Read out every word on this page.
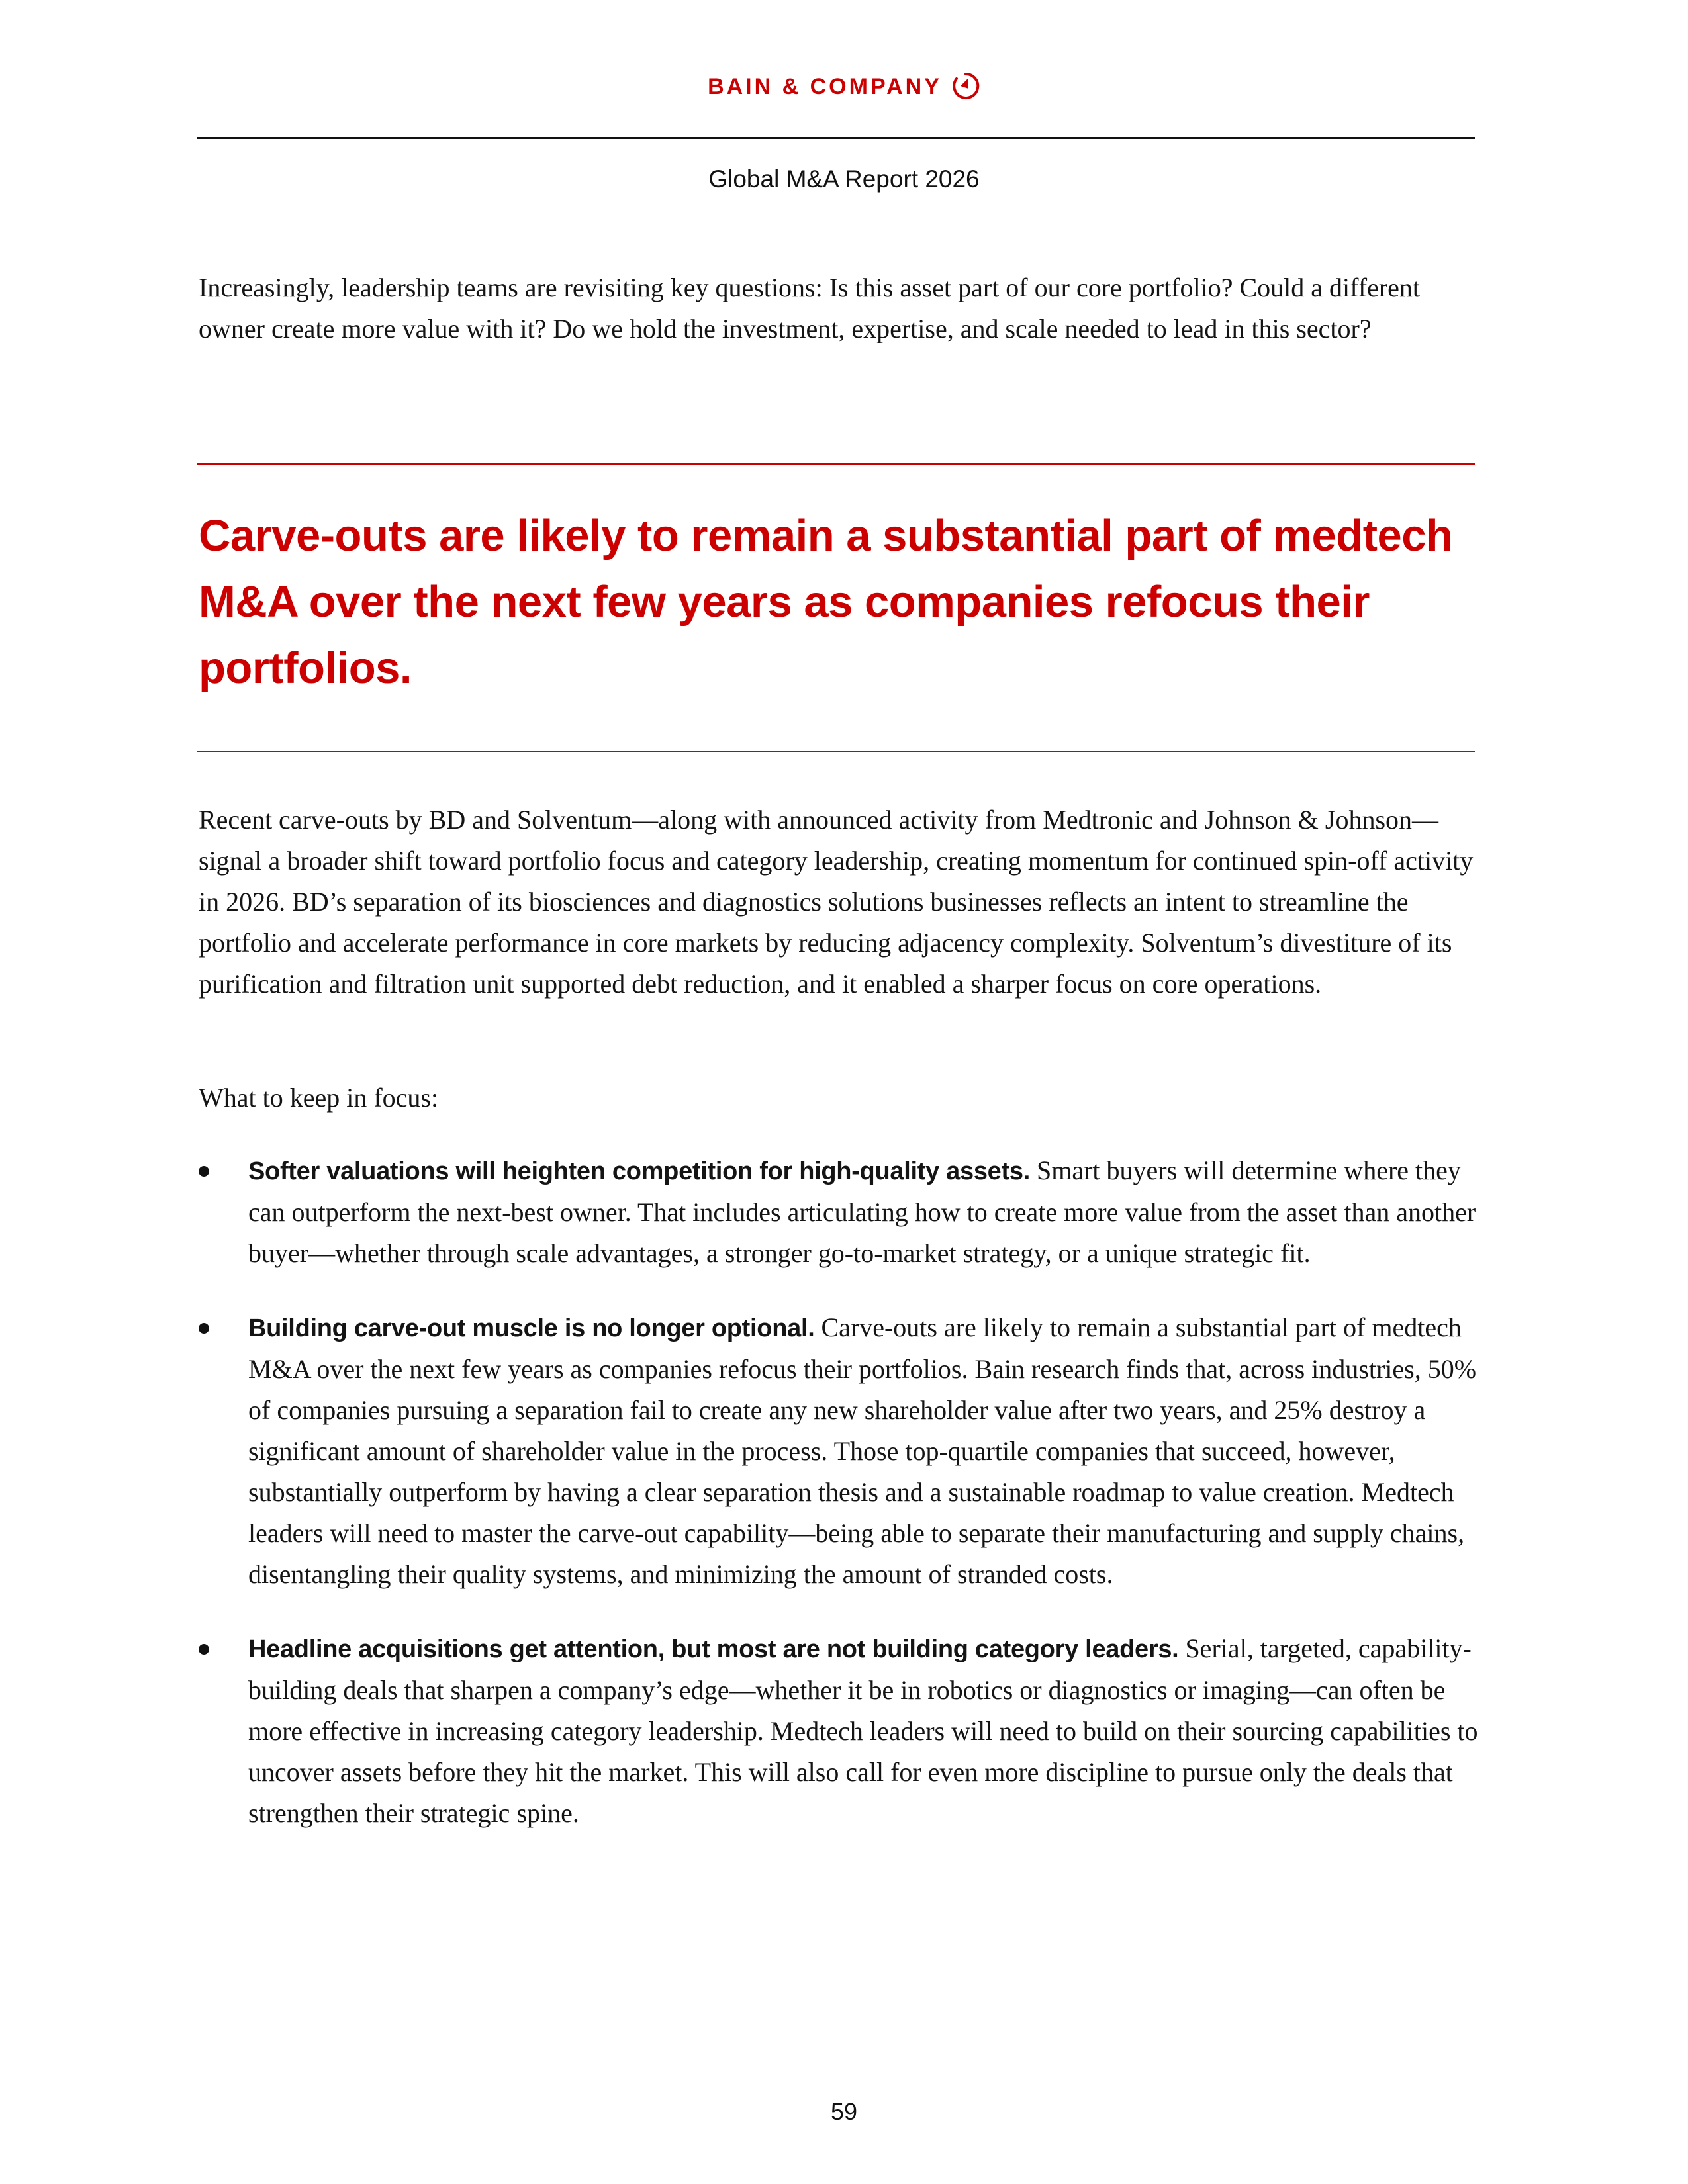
BAIN & COMPANY
Global M&A Report 2026

Increasingly, leadership teams are revisiting key questions: Is this asset part of our core portfolio? Could a different owner create more value with it? Do we hold the investment, expertise, and scale needed to lead in this sector?

Carve-outs are likely to remain a substantial part of medtech M&A over the next few years as companies refocus their portfolios.

Recent carve-outs by BD and Solventum—along with announced activity from Medtronic and Johnson & Johnson—signal a broader shift toward portfolio focus and category leadership, creating momentum for continued spin-off activity in 2026. BD’s separation of its biosciences and diagnostics solutions businesses reflects an intent to streamline the portfolio and accelerate performance in core markets by reducing adjacency complexity. Solventum’s divestiture of its purification and filtration unit supported debt reduction, and it enabled a sharper focus on core operations.

What to keep in focus:

Softer valuations will heighten competition for high-quality assets. Smart buyers will determine where they can outperform the next-best owner. That includes articulating how to create more value from the asset than another buyer—whether through scale advantages, a stronger go-to-market strategy, or a unique strategic fit.
Building carve-out muscle is no longer optional. Carve-outs are likely to remain a substantial part of medtech M&A over the next few years as companies refocus their portfolios. Bain research finds that, across industries, 50% of companies pursuing a separation fail to create any new shareholder value after two years, and 25% destroy a significant amount of shareholder value in the process. Those top-quartile companies that succeed, however, substantially outperform by having a clear separation thesis and a sustainable roadmap to value creation. Medtech leaders will need to master the carve-out capability—being able to separate their manufacturing and supply chains, disentangling their quality systems, and minimizing the amount of stranded costs.
Headline acquisitions get attention, but most are not building category leaders. Serial, targeted, capability-building deals that sharpen a company’s edge—whether it be in robotics or diagnostics or imaging—can often be more effective in increasing category leadership. Medtech leaders will need to build on their sourcing capabilities to uncover assets before they hit the market. This will also call for even more discipline to pursue only the deals that strengthen their strategic spine.
59
